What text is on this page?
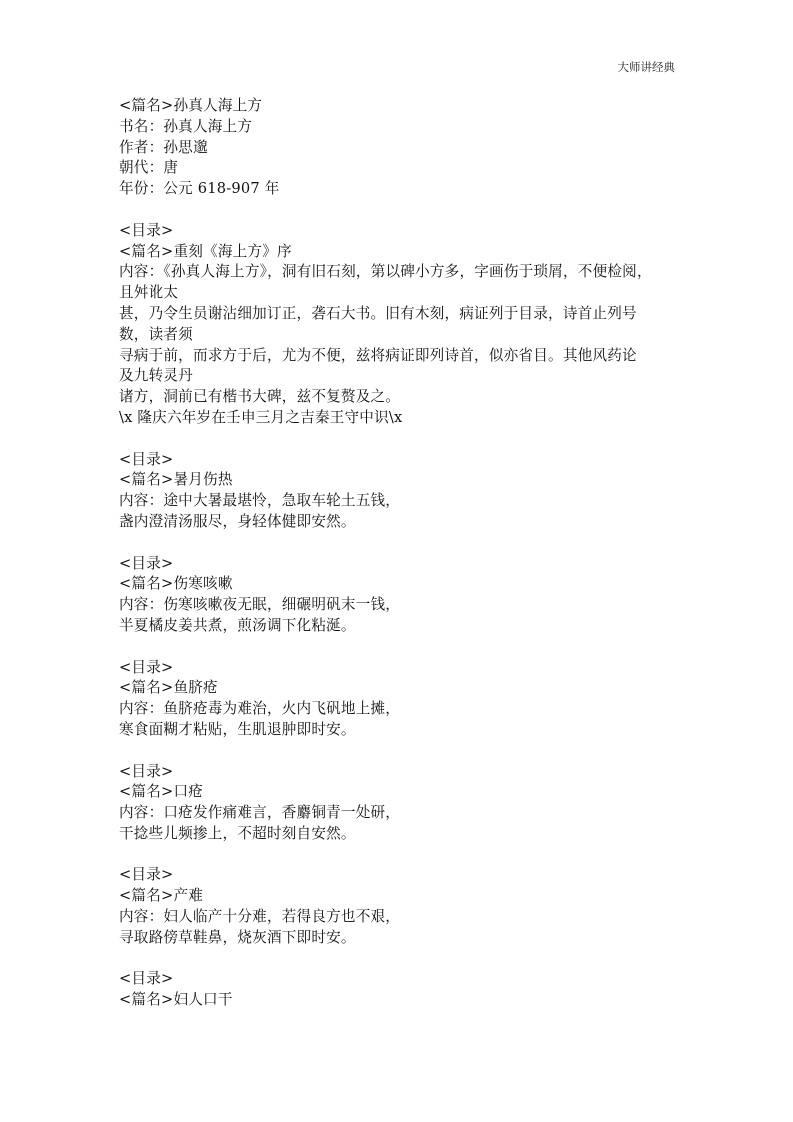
大师讲经典
<篇名>孙真人海上方
书名：孙真人海上方
作者：孙思邈
朝代：唐
年份：公元 618-907 年
<目录>
<篇名>重刻《海上方》序
内容：《孙真人海上方》，洞有旧石刻，第以碑小方多，字画伤于琐屑，不便检阅，
且舛讹太
甚，乃令生员谢沾细加订正，砻石大书。旧有木刻，病证列于目录，诗首止列号
数，读者须
寻病于前，而求方于后，尤为不便，兹将病证即列诗首，似亦省目。其他风药论
及九转灵丹
诸方，洞前已有楷书大碑，兹不复赘及之。
\x 隆庆六年岁在壬申三月之吉秦王守中识\x
<目录>
<篇名>暑月伤热
内容：途中大暑最堪怜，急取车轮土五钱，
盏内澄清汤服尽，身轻体健即安然。
<目录>
<篇名>伤寒咳嗽
内容：伤寒咳嗽夜无眠，细碾明矾末一钱，
半夏橘皮姜共煮，煎汤调下化粘涎。
<目录>
<篇名>鱼脐疮
内容：鱼脐疮毒为难治，火内飞矾地上摊，
寒食面糊才粘贴，生肌退肿即时安。
<目录>
<篇名>口疮
内容：口疮发作痛难言，香麝铜青一处研，
干捻些儿频掺上，不超时刻自安然。
<目录>
<篇名>产难
内容：妇人临产十分难，若得良方也不艰，
寻取路傍草鞋鼻，烧灰酒下即时安。
<目录>
<篇名>妇人口干
